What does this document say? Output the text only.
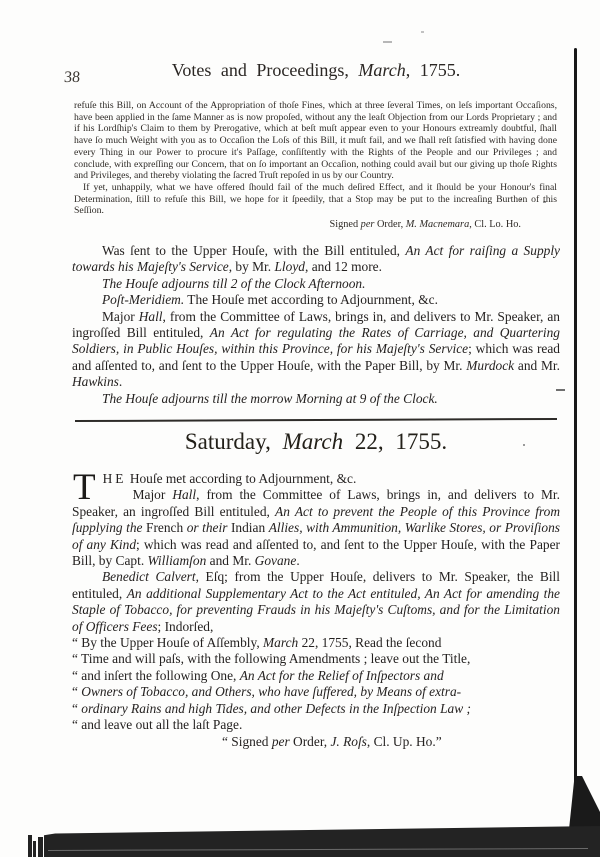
38	Votes and Proceedings, March, 1755.

refuſe this Bill, on Account of the Appropriation of thoſe Fines, which at three ſeveral Times, on leſs important Occaſions, have been applied in the ſame Manner as is now propoſed, without any the leaſt Objection from our Lords Proprietary ; and if his Lordſhip's Claim to them by Prerogative, which at beſt muſt appear even to your Honours extreamly doubtful, ſhall have ſo much Weight with you as to Occaſion the Loſs of this Bill, it muſt fail, and we ſhall reſt ſatisfied with having done every Thing in our Power to procure it's Paſſage, conſiſtently with the Rights of the People and our Privileges ; and conclude, with expreſſing our Concern, that on ſo important an Occaſion, nothing could avail but our giving up thoſe Rights and Privileges, and thereby violating the ſacred Truſt repoſed in us by our Country.

If yet, unhappily, what we have offered ſhould fail of the much deſired Effect, and it ſhould be your Honour's final Determination, ſtill to refuſe this Bill, we hope for it ſpeedily, that a Stop may be put to the increaſing Burthen of this Seſſion.

Signed per Order, M. Macnemara, Cl. Lo. Ho.

Was ſent to the Upper Houſe, with the Bill entituled, An Act for raiſing a Supply towards his Majeſty's Service, by Mr. Lloyd, and 12 more.

The Houſe adjourns till 2 of the Clock Afternoon.

Poſt-Meridiem. The Houſe met according to Adjournment, &c.

Major Hall, from the Committee of Laws, brings in, and delivers to Mr. Speaker, an ingroſſed Bill entituled, An Act for regulating the Rates of Carriage, and Quartering Soldiers, in Public Houſes, within this Province, for his Majeſty's Service; which was read and aſſented to, and ſent to the Upper Houſe, with the Paper Bill, by Mr. Murdock and Mr. Hawkins.

The Houſe adjourns till the morrow Morning at 9 of the Clock.

Saturday, March 22, 1755.
T HE Houſe met according to Adjournment, &c.

Major Hall, from the Committee of Laws, brings in, and delivers to Mr. Speaker, an ingroſſed Bill entituled, An Act to prevent the People of this Province from ſupplying the French or their Indian Allies, with Ammunition, Warlike Stores, or Proviſions of any Kind; which was read and aſſented to, and ſent to the Upper Houſe, with the Paper Bill, by Capt. Williamſon and Mr. Govane.

Benedict Calvert, Eſq; from the Upper Houſe, delivers to Mr. Speaker, the Bill entituled, An additional Supplementary Act to the Act entituled, An Act for amending the Staple of Tobacco, for preventing Frauds in his Majeſty's Cuſtoms, and for the Limitation of Officers Fees; Indorſed,

“ By the Upper Houſe of Aſſembly, March 22, 1755, Read the ſecond
“ Time and will paſs, with the following Amendments ; leave out the Title,
“ and inſert the following One, An Act for the Relief of Inſpectors and
“ Owners of Tobacco, and Others, who have ſuffered, by Means of extra-
“ ordinary Rains and high Tides, and other Defects in the Inſpection Law ;
“ and leave out all the laſt Page.
“ Signed per Order, J. Roſs, Cl. Up. Ho.”
